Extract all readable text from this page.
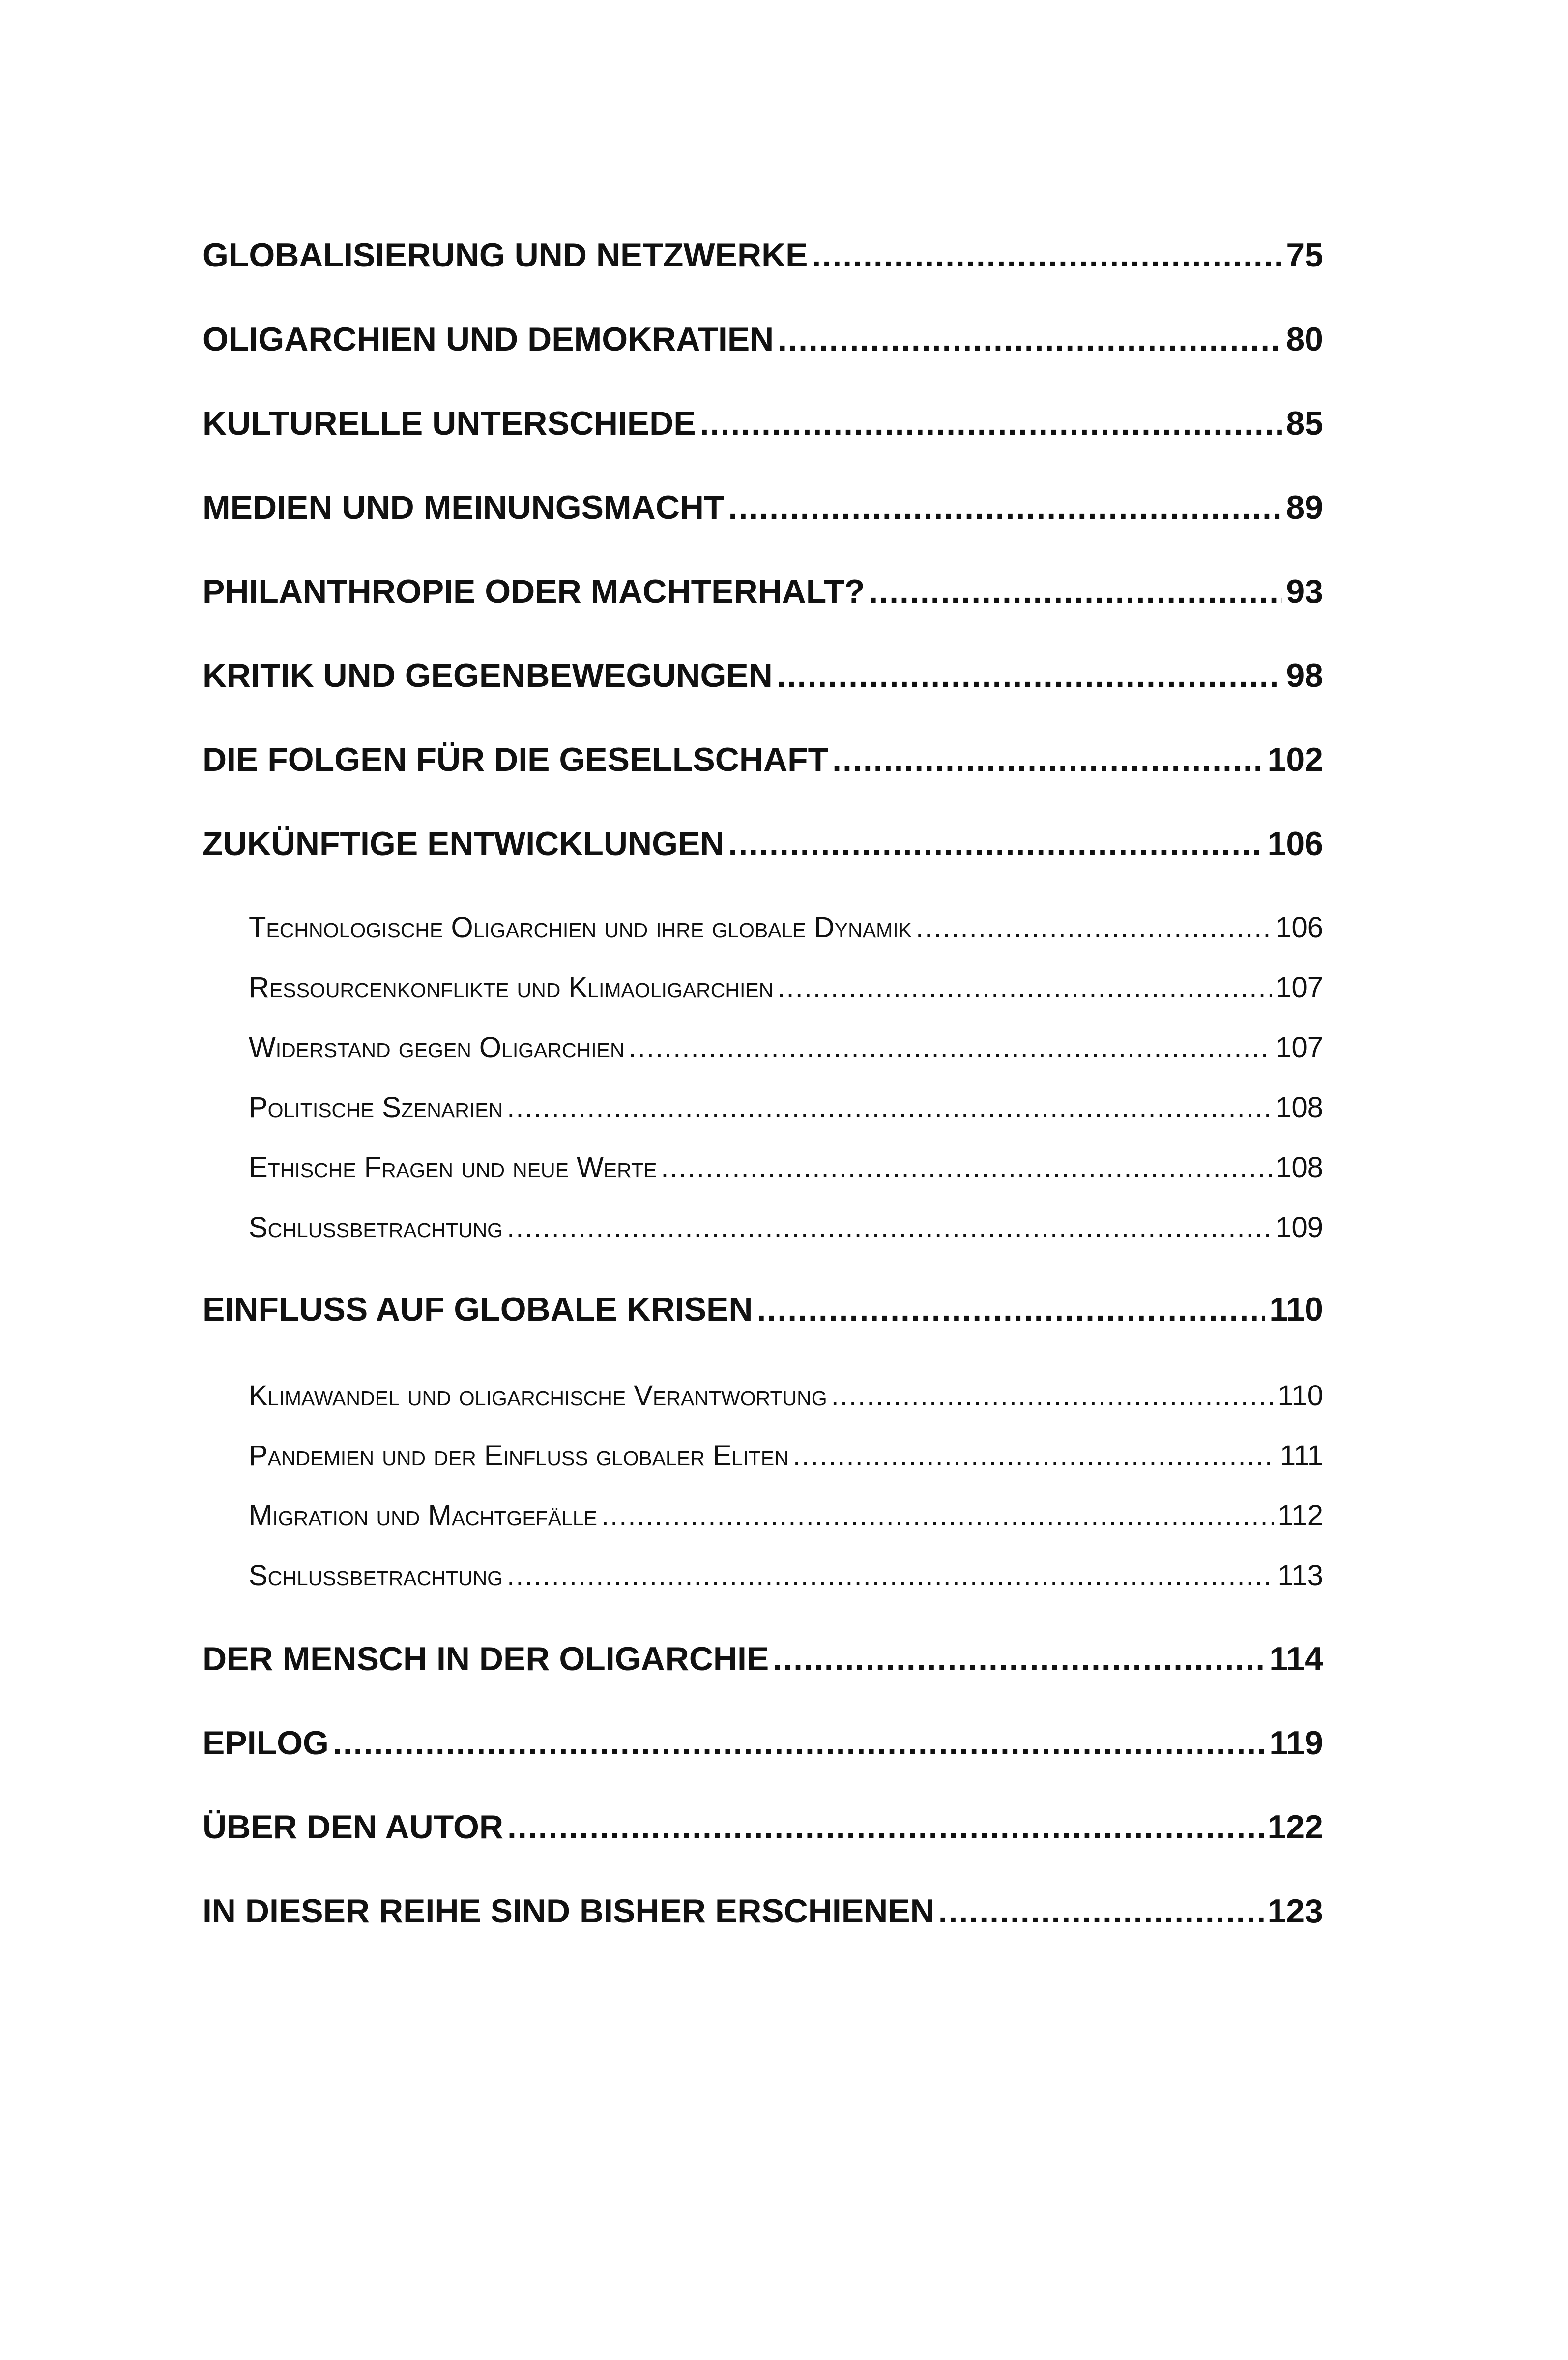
GLOBALISIERUNG UND NETZWERKE .....	75
OLIGARCHIEN UND DEMOKRATIEN .....	80
KULTURELLE UNTERSCHIEDE .....	85
MEDIEN UND MEINUNGSMACHT .....	89
PHILANTHROPIE ODER MACHTERHALT? .....	93
KRITIK UND GEGENBEWEGUNGEN .....	98
DIE FOLGEN FÜR DIE GESELLSCHAFT .....	102
ZUKÜNFTIGE ENTWICKLUNGEN .....	106
Technologische Oligarchien und ihre globale Dynamik .....	106
Ressourcenkonflikte und Klimaoligarchien .....	107
Widerstand gegen Oligarchien .....	107
Politische Szenarien .....	108
Ethische Fragen und neue Werte .....	108
Schlussbetrachtung .....	109
EINFLUSS AUF GLOBALE KRISEN .....	110
Klimawandel und oligarchische Verantwortung .....	110
Pandemien und der Einfluss globaler Eliten .....	111
Migration und Machtgefälle .....	112
Schlussbetrachtung .....	113
DER MENSCH IN DER OLIGARCHIE .....	114
EPILOG .....	119
ÜBER DEN AUTOR .....	122
IN DIESER REIHE SIND BISHER ERSCHIENEN .....	123
